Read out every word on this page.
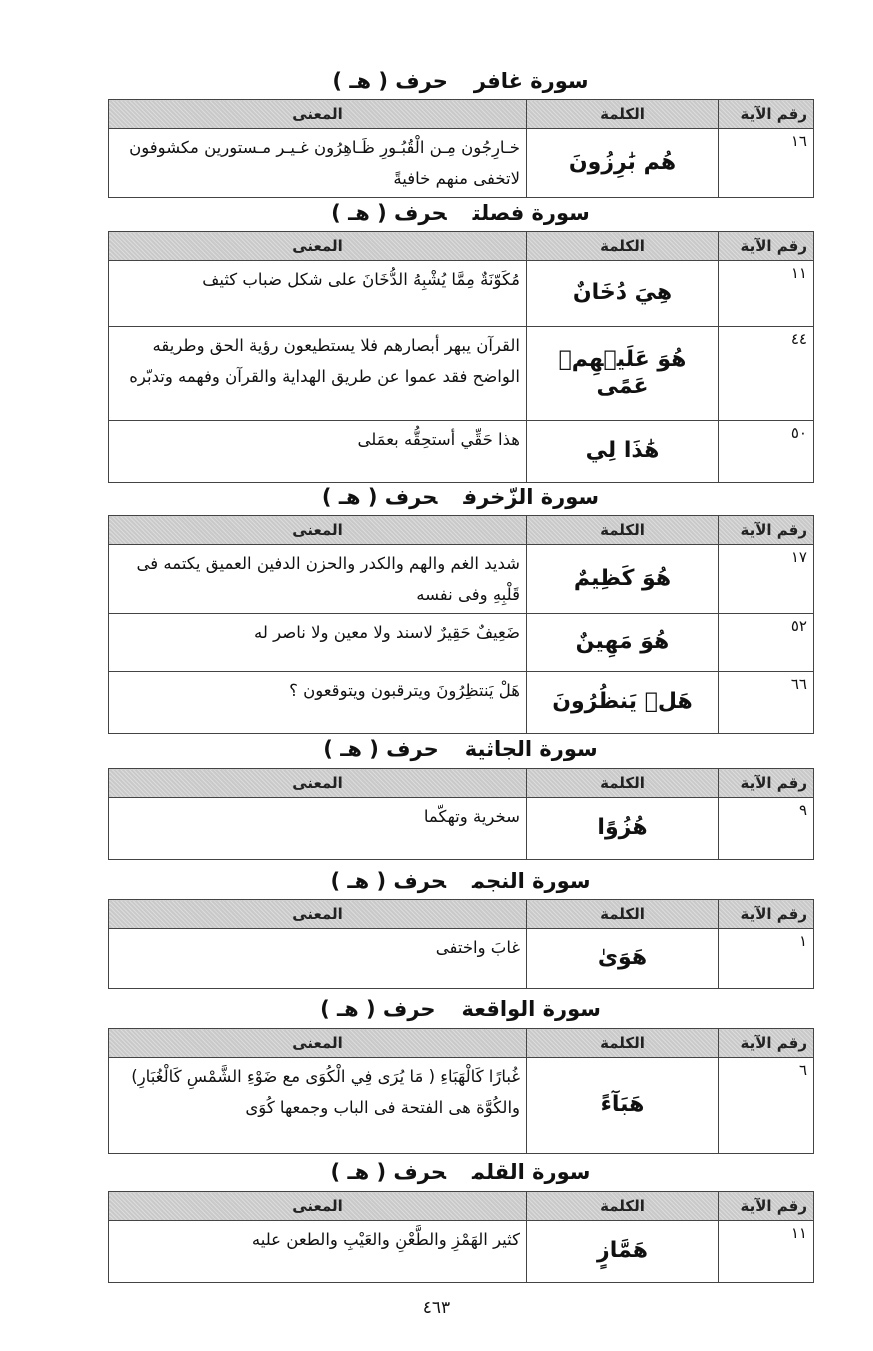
سورة غافرحرف ( هـ )
رقم الآية	الكلمة	المعنى
١٦	هُم بَٰرِزُونَ	خـارِجُون مِـن الْقُبُـورِ ظَـاهِرُون غـيـر مـستورين مكشوفون لاتخفى منهم خافيةً
سورة فصلتحرف ( هـ )
رقم الآية	الكلمة	المعنى
١١	هِيَ دُخَانٌ	مُكَوّنَةٌ مِمَّا يُشْبِهُ الدُّخَانَ على شكل ضباب كثيف
٤٤	هُوَ عَلَيۡهِمۡ عَمًى	القرآن يبهر أبصارهم فلا يستطيعون رؤية الحق وطريقه الواضح فقد عموا عن طريق الهداية والقرآن وفهمه وتدبّره
٥٠	هَٰذَا لِي	هذا حَقِّي أستحِقُّه بعمَلى
سورة الزّخرفحرف ( هـ )
رقم الآية	الكلمة	المعنى
١٧	هُوَ كَظِيمٌ	شديد الغم والهم والكدر والحزن الدفين العميق يكتمه فى قَلْبِهِ وفى نفسه
٥٢	هُوَ مَهِينٌ	ضَعِيفٌ حَقِيرٌ لاسند ولا معين ولا ناصر له
٦٦	هَلۡ يَنظُرُونَ	هَلْ يَنتظِرُونَ ويترقبون ويتوقعون ؟
سورة الجاثيةحرف ( هـ )
رقم الآية	الكلمة	المعنى
٩	هُزُوًا	سخرية وتهكّما
سورة النجمحرف ( هـ )
رقم الآية	الكلمة	المعنى
١	هَوَىٰ	غابَ واختفى
سورة الواقعةحرف ( هـ )
رقم الآية	الكلمة	المعنى
٦	هَبَآءً	غُبارًا كَالْهَبَاءِ ( مَا يُرَى فِي الْكُوَى مع ضَوْءِ الشَّمْسِ كَالْغُبَارِ) والكُوَّة هى الفتحة فى الباب وجمعها كُوَى
سورة القلمحرف ( هـ )
رقم الآية	الكلمة	المعنى
١١	هَمَّازٍ	كثير الهَمْزِ والطَّعْنِ والعَيْبِ والطعن عليه
٤٦٣
